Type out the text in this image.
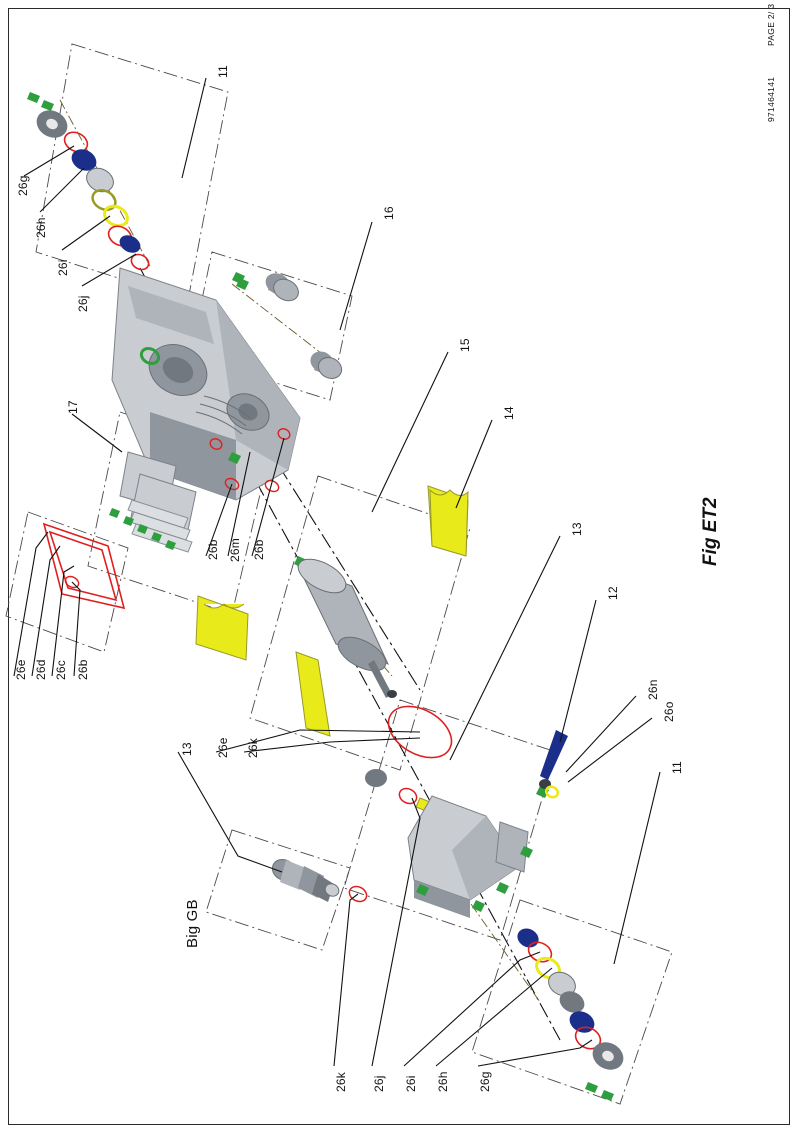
11
26g
26h
26i
26j
16
17
15
14
13
12
26n
26o
11
26b 26m 26b
26e 26d 26c 26b
13 26e 26k
26k 26j 26i 26h 26g
Big GB
Fig ET2
971464141
PAGE 2/ 3
